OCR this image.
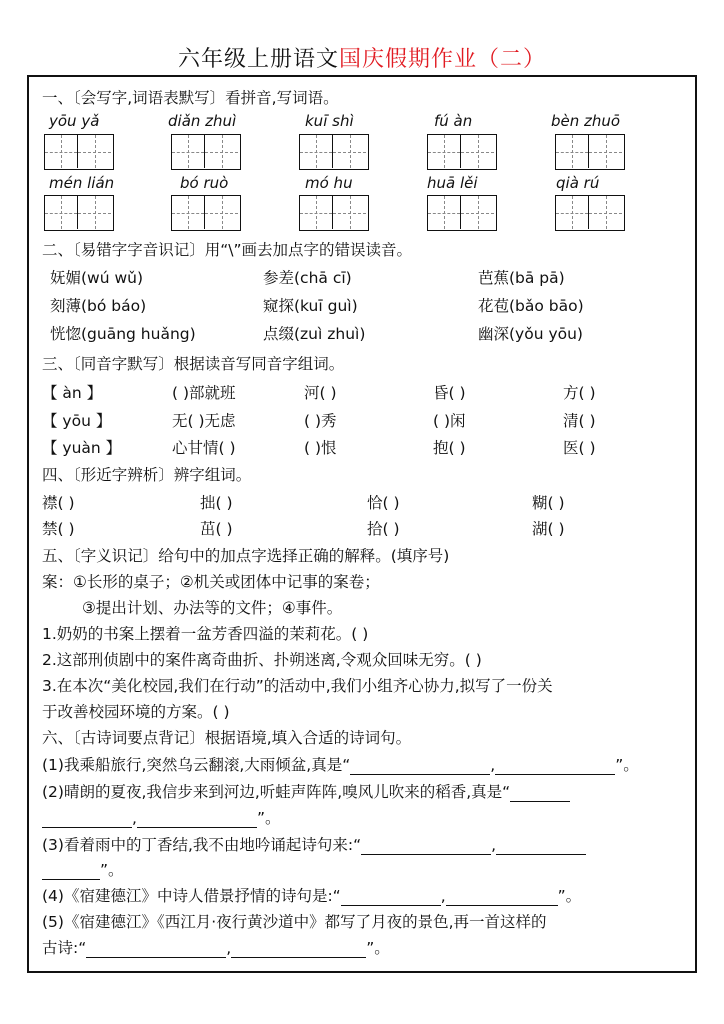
六年级上册语文国庆假期作业（二）
一、〔会写字,词语表默写〕看拼音,写词语。
yōu yǎ	diǎn zhuì	kuī shì	fú àn	bèn zhuō
mén lián	bó ruò	mó hu	huā lěi	qià rú
二、〔易错字字音识记〕用“\”画去加点字的错误读音。
妩媚(wú wǔ)	参差(chā cī)	芭蕉(bā pā)
刻薄(bó báo)	窥探(kuī guì)	花苞(bǎo bāo)
恍惚(guāng huǎng)	点缀(zuì zhuì)	幽深(yǒu yōu)
三、〔同音字默写〕根据读音写同音字组词。
【 àn 】	( )部就班	河( )	昏( )	方( )
【 yōu 】	无( )无虑	( )秀	( )闲	清( )
【 yuàn 】	心甘情( )	( )恨	抱( )	医( )
四、〔形近字辨析〕辨字组词。
襟( )	拙( )	恰( )	糊( )
禁( )	茁( )	拾( )	湖( )
五、〔字义识记〕给句中的加点字选择正确的解释。(填序号)
案：①长形的桌子；②机关或团体中记事的案卷；
③提出计划、办法等的文件；④事件。
1.奶奶的书案上摆着一盆芳香四溢的茉莉花。( )
2.这部刑侦剧中的案件离奇曲折、扑朔迷离,令观众回味无穷。( )
3.在本次“美化校园,我们在行动”的活动中,我们小组齐心协力,拟写了一份关
于改善校园环境的方案。( )
六、〔古诗词要点背记〕根据语境,填入合适的诗词句。
(1)我乘船旅行,突然乌云翻滚,大雨倾盆,真是“	,	”。
(2)晴朗的夏夜,我信步来到河边,听蛙声阵阵,嗅风儿吹来的稻香,真是“
,	”。
(3)看着雨中的丁香结,我不由地吟诵起诗句来:“	,
”。
(4)《宿建德江》中诗人借景抒情的诗句是:“	,	”。
(5)《宿建德江》《西江月·夜行黄沙道中》都写了月夜的景色,再一首这样的
古诗:“	,	”。
